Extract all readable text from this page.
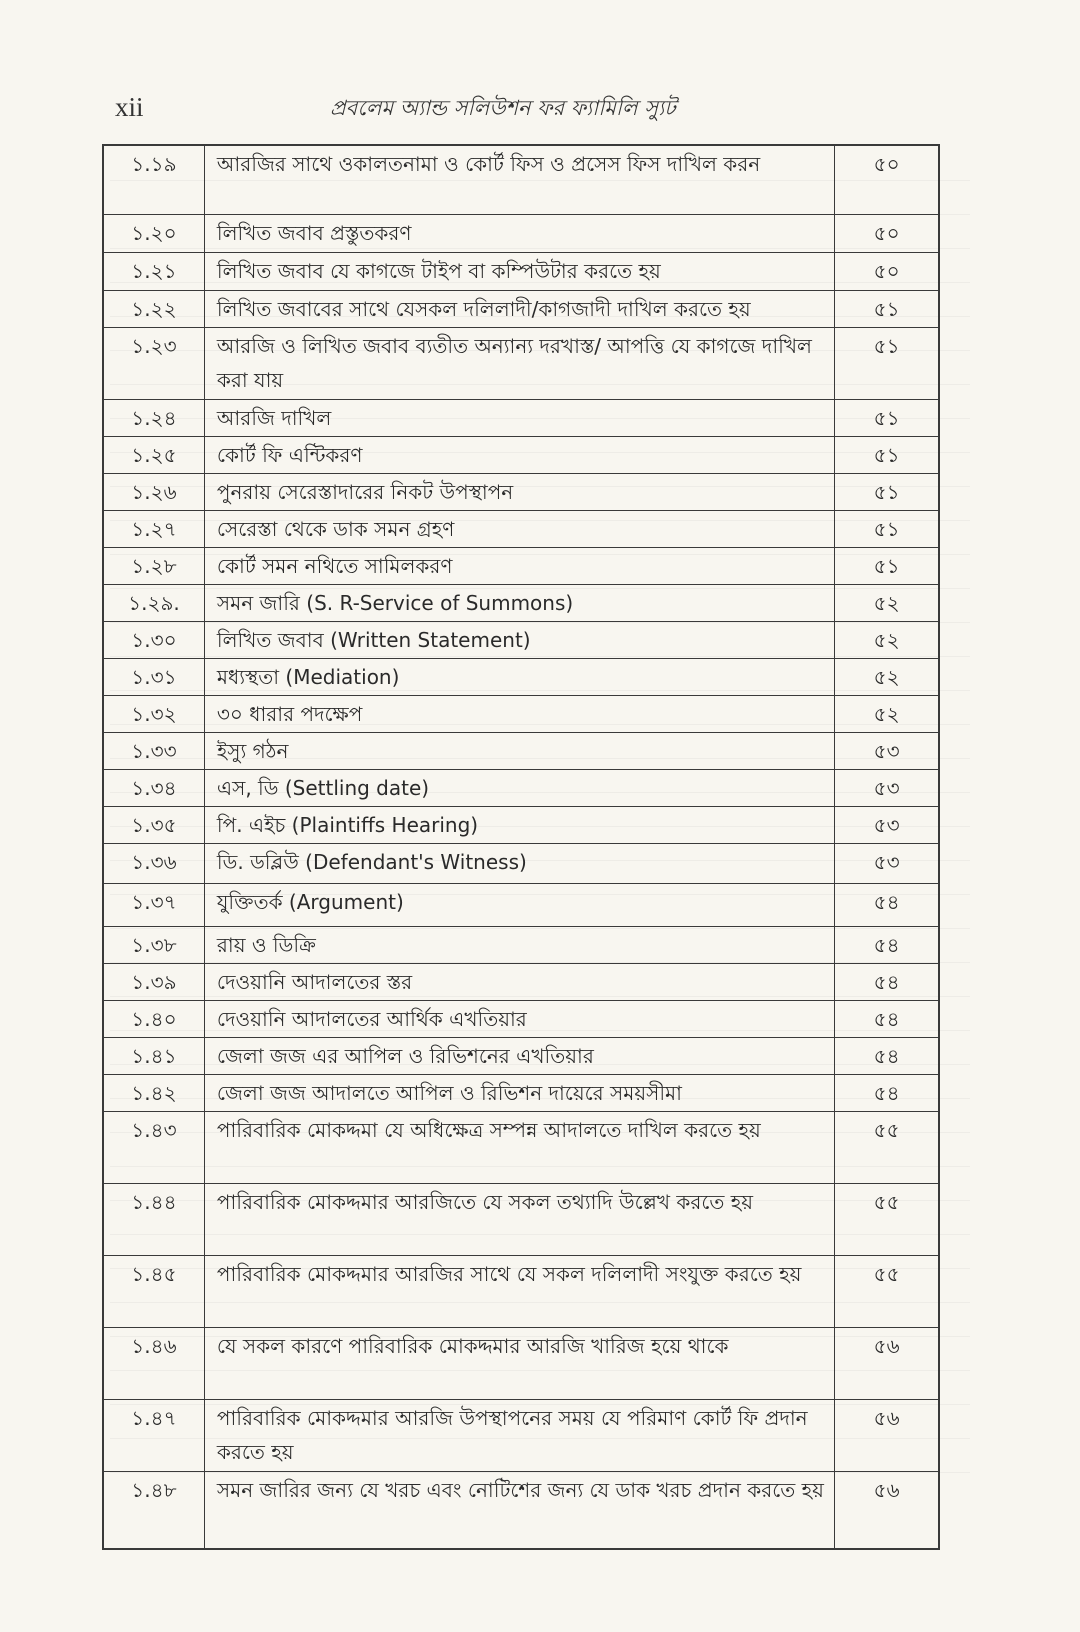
xii	প্রবলেম অ্যান্ড সলিউশন ফর ফ্যামিলি স্যুট
১.১৯	আরজির সাথে ওকালতনামা ও কোর্ট ফিস ও প্রসেস ফিস দাখিল করন	৫০

১.২০	লিখিত জবাব প্রস্তুতকরণ	৫০

১.২১	লিখিত জবাব যে কাগজে টাইপ বা কম্পিউটার করতে হয়	৫০

১.২২	লিখিত জবাবের সাথে যেসকল দলিলাদী/কাগজাদী দাখিল করতে হয়	৫১

১.২৩	আরজি ও লিখিত জবাব ব্যতীত অন্যান্য দরখাস্ত/ আপত্তি যে কাগজে দাখিল করা যায়	৫১

১.২৪	আরজি দাখিল	৫১

১.২৫	কোর্ট ফি এন্টিকরণ	৫১

১.২৬	পুনরায় সেরেস্তাদারের নিকট উপস্থাপন	৫১

১.২৭	সেরেস্তা থেকে ডাক সমন গ্রহণ	৫১

১.২৮	কোর্ট সমন নথিতে সামিলকরণ	৫১

১.২৯.	সমন জারি (S. R-Service of Summons)	৫২

১.৩০	লিখিত জবাব (Written Statement)	৫২

১.৩১	মধ্যস্থতা (Mediation)	৫২

১.৩২	৩০ ধারার পদক্ষেপ	৫২

১.৩৩	ইস্যু গঠন	৫৩

১.৩৪	এস, ডি (Settling date)	৫৩

১.৩৫	পি. এইচ (Plaintiffs Hearing)	৫৩

১.৩৬	ডি. ডব্লিউ (Defendant's Witness)	৫৩

১.৩৭	যুক্তিতর্ক (Argument)	৫৪

১.৩৮	রায় ও ডিক্রি	৫৪

১.৩৯	দেওয়ানি আদালতের স্তর	৫৪

১.৪০	দেওয়ানি আদালতের আর্থিক এখতিয়ার	৫৪

১.৪১	জেলা জজ এর আপিল ও রিভিশনের এখতিয়ার	৫৪

১.৪২	জেলা জজ আদালতে আপিল ও রিভিশন দায়েরে সময়সীমা	৫৪

১.৪৩	পারিবারিক মোকদ্দমা যে অধিক্ষেত্র সম্পন্ন আদালতে দাখিল করতে হয়	৫৫

১.৪৪	পারিবারিক মোকদ্দমার আরজিতে যে সকল তথ্যাদি উল্লেখ করতে হয়	৫৫

১.৪৫	পারিবারিক মোকদ্দমার আরজির সাথে যে সকল দলিলাদী সংযুক্ত করতে হয়	৫৫

১.৪৬	যে সকল কারণে পারিবারিক মোকদ্দমার আরজি খারিজ হয়ে থাকে	৫৬

১.৪৭	পারিবারিক মোকদ্দমার আরজি উপস্থাপনের সময় যে পরিমাণ কোর্ট ফি প্রদান করতে হয়	৫৬

১.৪৮	সমন জারির জন্য যে খরচ এবং নোটিশের জন্য যে ডাক খরচ প্রদান করতে হয়	৫৬
